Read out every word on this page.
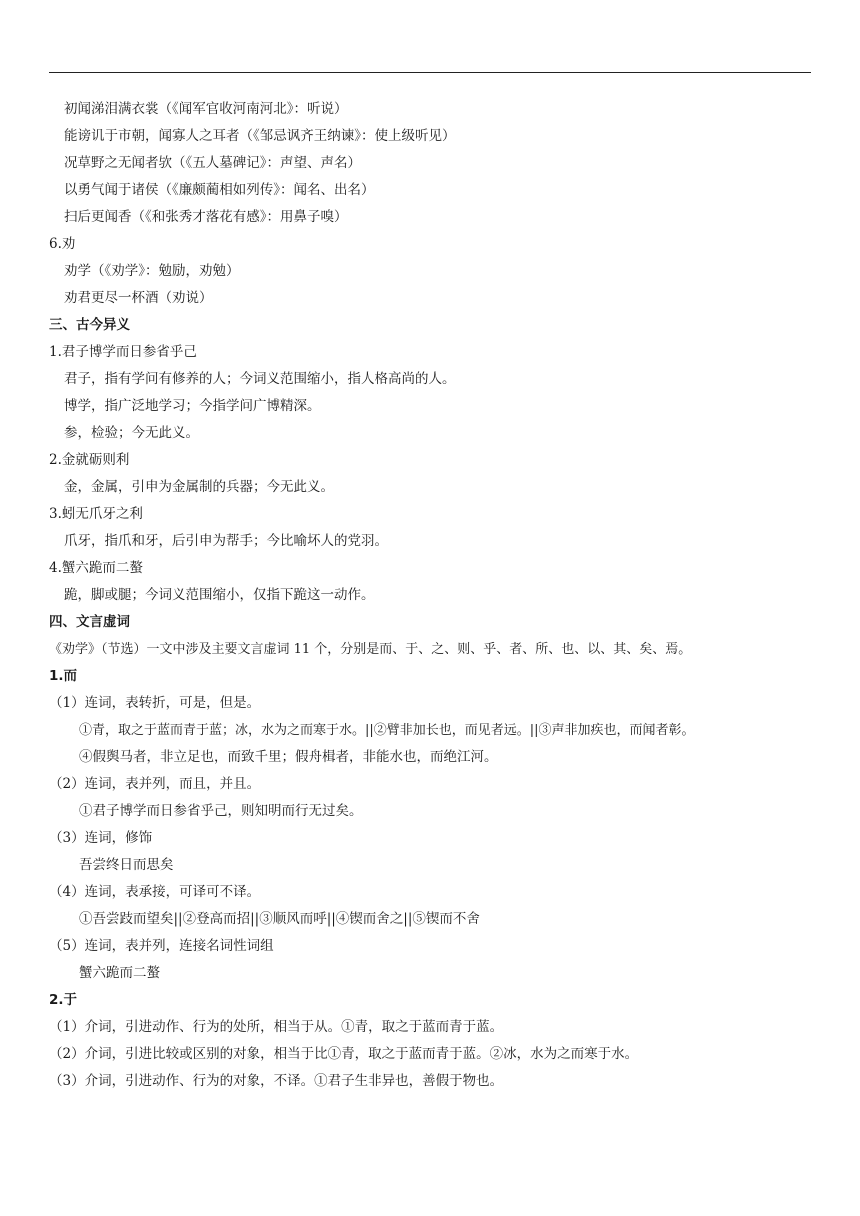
初闻涕泪满衣裳（《闻军官收河南河北》：听说）
能谤讥于市朝，闻寡人之耳者（《邹忌讽齐王纳谏》：使上级听见）
况草野之无闻者欤（《五人墓碑记》：声望、声名）
以勇气闻于诸侯（《廉颇蔺相如列传》：闻名、出名）
扫后更闻香（《和张秀才落花有感》：用鼻子嗅）
6.劝
劝学（《劝学》：勉励，劝勉）
劝君更尽一杯酒（劝说）
三、古今异义
1.君子博学而日参省乎己
君子，指有学问有修养的人；今词义范围缩小，指人格高尚的人。
博学，指广泛地学习；今指学问广博精深。
参，检验；今无此义。
2.金就砺则利
金，金属，引申为金属制的兵器；今无此义。
3.蚓无爪牙之利
爪牙，指爪和牙，后引申为帮手；今比喻坏人的党羽。
4.蟹六跪而二螯
跪，脚或腿；今词义范围缩小，仅指下跪这一动作。
四、文言虚词
《劝学》（节选）一文中涉及主要文言虚词 11 个，分别是而、于、之、则、乎、者、所、也、以、其、矣、焉。
1.而
（1）连词，表转折，可是，但是。
①青，取之于蓝而青于蓝；冰，水为之而寒于水。||②臂非加长也，而见者远。||③声非加疾也，而闻者彰。
④假舆马者，非立足也，而致千里；假舟楫者，非能水也，而绝江河。
（2）连词，表并列，而且，并且。
①君子博学而日参省乎己，则知明而行无过矣。
（3）连词，修饰
吾尝终日而思矣
（4）连词，表承接，可译可不译。
①吾尝跂而望矣||②登高而招||③顺风而呼||④锲而舍之||⑤锲而不舍
（5）连词，表并列，连接名词性词组
蟹六跪而二螯
2.于
（1）介词，引进动作、行为的处所，相当于从。①青，取之于蓝而青于蓝。
（2）介词，引进比较或区别的对象，相当于比①青，取之于蓝而青于蓝。②冰，水为之而寒于水。
（3）介词，引进动作、行为的对象，不译。①君子生非异也，善假于物也。
